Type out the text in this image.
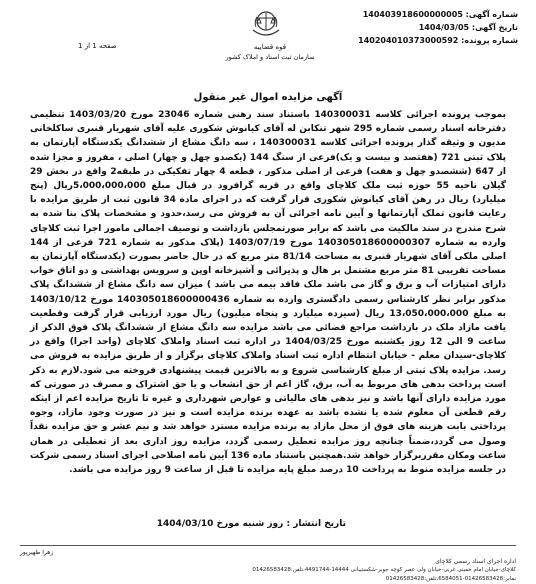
شماره آگهی: 140403918600000005
تاریخ آگهی: 1404/03/05
شماره پرونده: 140204010373000592
قوه قضاییه
سازمان ثبت اسناد و املاک کشور
صفحه 1 از 1
آگهی مزایده اموال غیر منقول

بموجب پرونده اجرائی کلاسه 140300031 باستناد سند رهنی شماره 23046 مورخ 1403/03/20 تنظیمی دفترخانه اسناد رسمی شماره 295 شهر تنکابن له آقای کیانوش شکوری علیه آقای شهریار قنبری ساکلخانی مدیون و وثیقه گذار پرونده اجرائی کلاسه 140300031 ، سه دانگ مشاع از ششدانگ یکدستگاه آپارتمان به پلاک ثبتی 721 (هفتصد و بیست و یک)فرعی از سنگ 144 (یکصدو چهل و چهار) اصلی ، مفروز و مجزا شده از 647 (ششصدو چهل و هفت) فرعی از اصلی مذکور ، قطعه 4 چهار تفکیکی در طبقه2 واقع در بخش 29 گیلان ناحیه 55 حوزه ثبت ملک کلاچای واقع در قریه گرافرود در قبال مبلغ 5،000،000،000ریال (پنج میلیارد) ریال در رهن آقای کیانوش شکوری قرار گرفت که در اجرای ماده 34 قانون ثبت از طریق مزایده با رعایت قانون تملک آپارتمانها و آیین نامه اجرائی آن به فروش می رسد،حدود و مشخصات پلاک بنا شده به شرح مندرج در سند مالکیت می باشد که برابر صورتمجلس بازداشت و توصیف اجمالی مامور اجرا ثبت کلاچای وارده به شماره 140305018600000307 مورخ 1403/07/19 (پلاک مذکور به شماره 721 فرعی از 144 اصلی ملکی آقای شهریار قنبری به مساحت 81/14 متر مربع که در حال حاضر بصورت (یکدستگاه آپارتمان به مساحت تقریبی 81 متر مربع مشتمل بر هال و پذیرائی و آشپزخانه اوپن و سرویس بهداشتی و دو اتاق خواب دارای امتیازات آب و برق و گاز می باشد ملک فاقد بیمه می باشد ) میزان سه دانگ مشاع از ششدانگ پلاک مذکور برابر نظر کارشناس رسمی دادگستری وارده به شماره 140305018600000436 مورخ 1403/10/12 به مبلغ 13،050،000،000 ریال (سیزده میلیارد و پنجاه میلیون) ریال مورد ارزیابی قرار گرفت وقطعیت یافت مازاد ملک در بازداشت مراجع قضائی می باشد مزایده سه دانگ مشاع از ششدانگ پلاک فوق الذکر از ساعت 9 الی 12 روز یکشنبه مورخ 1404/03/25 در اداره ثبت اسناد واملاک کلاچای (واحد اجرا) واقع در کلاچای-سیدان معلم - خیابان انتظام اداره ثبت اسناد واملاک کلاچای برگزار و از طریق مزایده به فروش می رسد. مزایده پلاک ثبتی از مبلغ کارشناسی شروع و به بالاترین قیمت پیشنهادی فروخته می شود.لازم به ذکر است پرداخت بدهی های مربوط به آب، برق، گاز اعم از حق انشعاب و یا حق اشتراک و مصرف در صورتی که مورد مزایده دارای آنها باشد و نیز بدهی های مالیاتی و عوارض شهرداری و غیره تا تاریخ مزایده اعم از اینکه رقم قطعی آن معلوم شده یا نشده باشد به عهده برنده مزایده است و نیز در صورت وجود مازاد، وجوه پرداختی بابت هزینه های فوق از محل مازاد به برنده مزایده مسترد خواهد شد و نیم عشر و حق مزایده نقداً وصول می گردد،ضمناً چنانچه روز مزایده تعطیل رسمی گردد، مزایده روز اداری بعد از تعطیلی در همان ساعت ومکان مقرربرگزار خواهد شد.همچنین باستناد ماده 136 آیین نامه اصلاحی اجرای اسناد رسمی شرکت در جلسه مزایده منوط به پرداخت 10 درصد مبلغ پایه مزایده تا قبل از ساعت 9 روز مزایده می باشد.

تاریخ انتشار : روز شنبه مورخ 1404/03/10
زهرا ظهیرپور
اداره اجرای اسناد رسمی کلاچای
کلاچای-خیابان امام خمینی غربی-خیابان ولی عصر کوچه جوبر-شکستیبانی 14444-4491744،تلفن:01426583428
نمابر:01426583428-6584051،تلفن:01426583428
